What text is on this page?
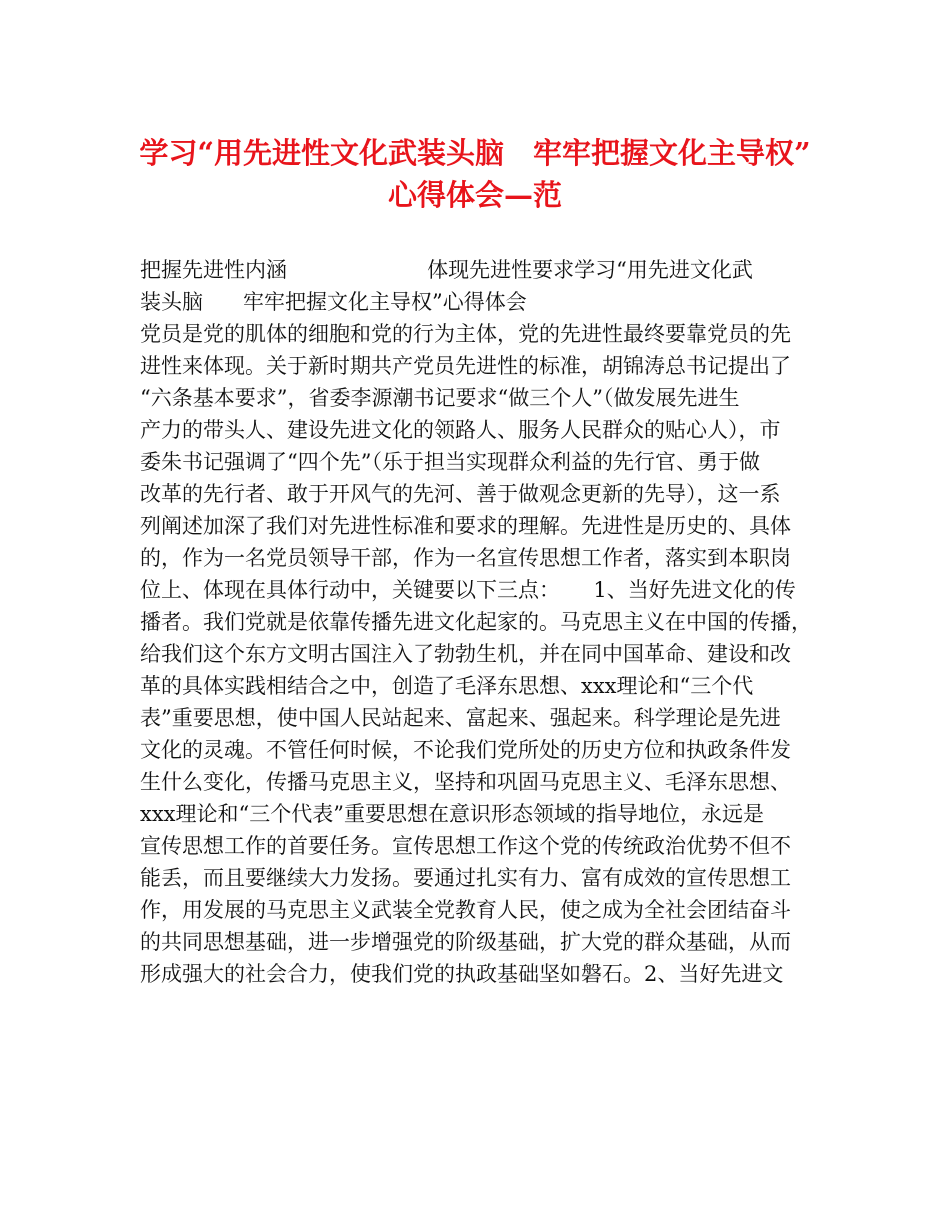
学习“用先进性文化武装头脑　牢牢把握文化主导权”
心得体会—范
把握先进性内涵                     体现先进性要求学习“用先进文化武
装头脑      牢牢把握文化主导权”心得体会
党员是党的肌体的细胞和党的行为主体，党的先进性最终要靠党员的先
进性来体现。关于新时期共产党员先进性的标准，胡锦涛总书记提出了
“六条基本要求”，省委李源潮书记要求“做三个人”（做发展先进生
产力的带头人、建设先进文化的领路人、服务人民群众的贴心人），市
委朱书记强调了“四个先”（乐于担当实现群众利益的先行官、勇于做
改革的先行者、敢于开风气的先河、善于做观念更新的先导），这一系
列阐述加深了我们对先进性标准和要求的理解。先进性是历史的、具体
的，作为一名党员领导干部，作为一名宣传思想工作者，落实到本职岗
位上、体现在具体行动中，关键要以下三点：     1、当好先进文化的传
播者。我们党就是依靠传播先进文化起家的。马克思主义在中国的传播，
给我们这个东方文明古国注入了勃勃生机，并在同中国革命、建设和改
革的具体实践相结合之中，创造了毛泽东思想、xxx理论和“三个代
表”重要思想，使中国人民站起来、富起来、强起来。科学理论是先进
文化的灵魂。不管任何时候，不论我们党所处的历史方位和执政条件发
生什么变化，传播马克思主义，坚持和巩固马克思主义、毛泽东思想、
xxx理论和“三个代表”重要思想在意识形态领域的指导地位，永远是
宣传思想工作的首要任务。宣传思想工作这个党的传统政治优势不但不
能丢，而且要继续大力发扬。要通过扎实有力、富有成效的宣传思想工
作，用发展的马克思主义武装全党教育人民，使之成为全社会团结奋斗
的共同思想基础，进一步增强党的阶级基础，扩大党的群众基础，从而
形成强大的社会合力，使我们党的执政基础坚如磐石。2、当好先进文
